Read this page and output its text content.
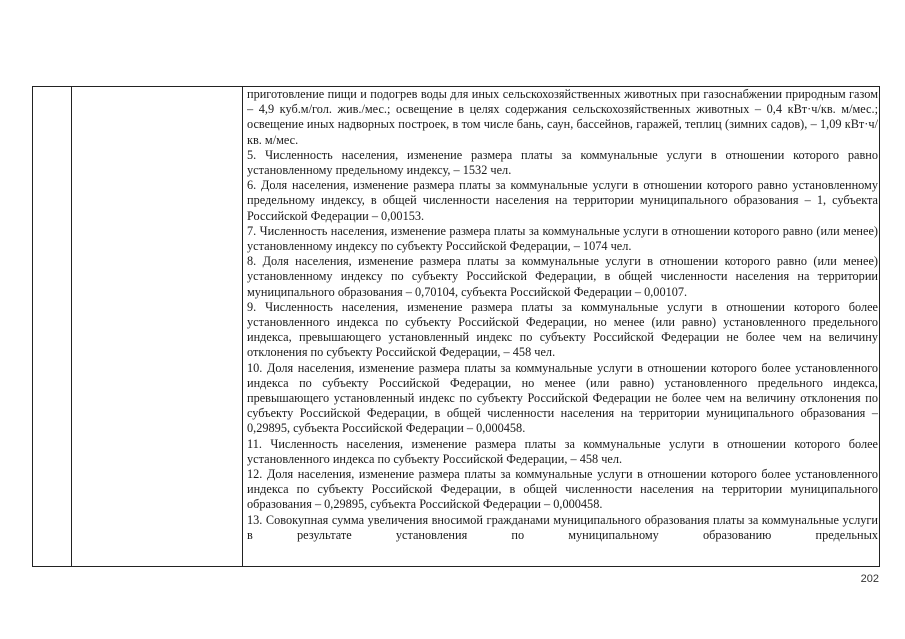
приготовление пищи и подогрев воды для иных сельскохозяйственных животных при газоснабжении природным газом – 4,9 куб.м/гол. жив./мес.; освещение в целях содержания сельскохозяйственных животных – 0,4 кВт·ч/кв. м/мес.; освещение иных надворных построек, в том числе бань, саун, бассейнов, гаражей, теплиц (зимних садов), – 1,09 кВт·ч/кв. м/мес.

5. Численность населения, изменение размера платы за коммунальные услуги в отношении которого равно установленному предельному индексу, – 1532 чел.

6. Доля населения, изменение размера платы за коммунальные услуги в отношении которого равно установленному предельному индексу, в общей численности населения на территории муниципального образования – 1, субъекта Российской Федерации – 0,00153.

7. Численность населения, изменение размера платы за коммунальные услуги в отношении которого равно (или менее) установленному индексу по субъекту Российской Федерации, – 1074 чел.

8. Доля населения, изменение размера платы за коммунальные услуги в отношении которого равно (или менее) установленному индексу по субъекту Российской Федерации, в общей численности населения на территории муниципального образования – 0,70104, субъекта Российской Федерации – 0,00107.

9. Численность населения, изменение размера платы за коммунальные услуги в отношении которого более установленного индекса по субъекту Российской Федерации, но менее (или равно) установленного предельного индекса, превышающего установленный индекс по субъекту Российской Федерации не более чем на величину отклонения по субъекту Российской Федерации, – 458 чел.

10. Доля населения, изменение размера платы за коммунальные услуги в отношении которого более установленного индекса по субъекту Российской Федерации, но менее (или равно) установленного предельного индекса, превышающего установленный индекс по субъекту Российской Федерации не более чем на величину отклонения по субъекту Российской Федерации, в общей численности населения на территории муниципального образования – 0,29895, субъекта Российской Федерации – 0,000458.

11. Численность населения, изменение размера платы за коммунальные услуги в отношении которого более установленного индекса по субъекту Российской Федерации, – 458 чел.

12. Доля населения, изменение размера платы за коммунальные услуги в отношении которого более установленного индекса по субъекту Российской Федерации, в общей численности населения на территории муниципального образования – 0,29895, субъекта Российской Федерации – 0,000458.

13. Совокупная сумма увеличения вносимой гражданами муниципального образования платы за коммунальные услуги в результате установления по муниципальному образованию предельных

202
